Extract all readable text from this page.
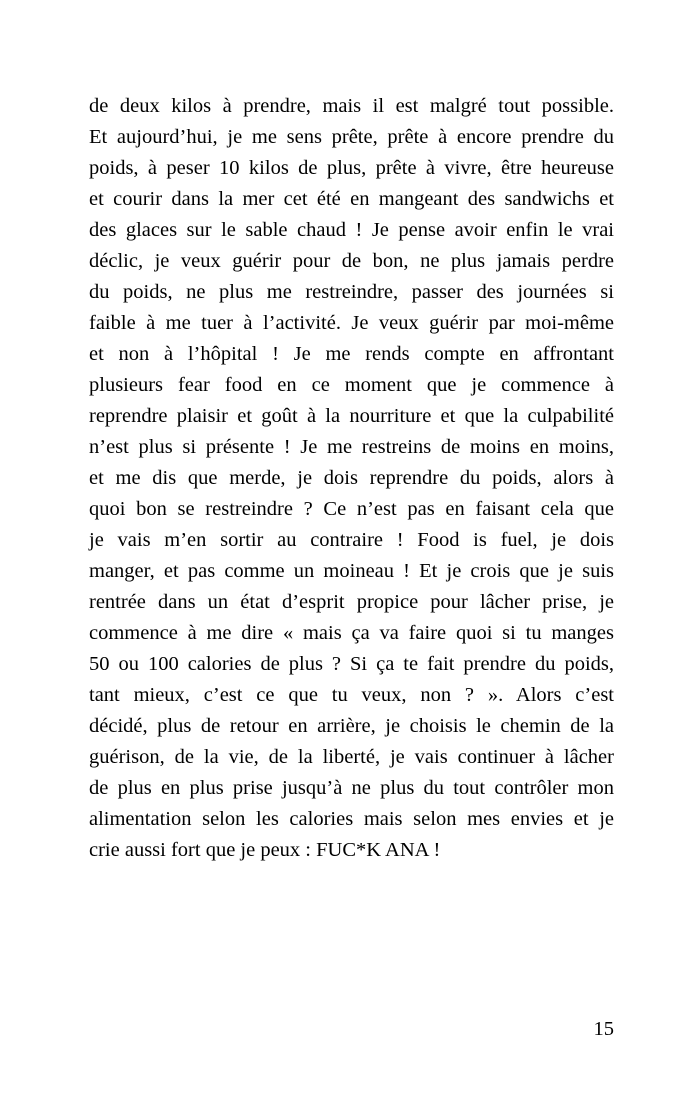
de deux kilos à prendre, mais il est malgré tout possible.
Et aujourd’hui, je me sens prête, prête à encore prendre du
poids, à peser 10 kilos de plus, prête à vivre, être heureuse
et courir dans la mer cet été en mangeant des sandwichs et
des glaces sur le sable chaud ! Je pense avoir enfin le vrai
déclic, je veux guérir pour de bon, ne plus jamais perdre
du poids, ne plus me restreindre, passer des journées si
faible à me tuer à l’activité. Je veux guérir par moi-même
et non à l’hôpital ! Je me rends compte en affrontant
plusieurs fear food en ce moment que je commence à
reprendre plaisir et goût à la nourriture et que la culpabilité
n’est plus si présente ! Je me restreins de moins en moins,
et me dis que merde, je dois reprendre du poids, alors à
quoi bon se restreindre ? Ce n’est pas en faisant cela que
je vais m’en sortir au contraire ! Food is fuel, je dois
manger, et pas comme un moineau ! Et je crois que je suis
rentrée dans un état d’esprit propice pour lâcher prise, je
commence à me dire « mais ça va faire quoi si tu manges
50 ou 100 calories de plus ? Si ça te fait prendre du poids,
tant mieux, c’est ce que tu veux, non ? ». Alors c’est
décidé, plus de retour en arrière, je choisis le chemin de la
guérison, de la vie, de la liberté, je vais continuer à lâcher
de plus en plus prise jusqu’à ne plus du tout contrôler mon
alimentation selon les calories mais selon mes envies et je
crie aussi fort que je peux : FUC*K ANA !
15
